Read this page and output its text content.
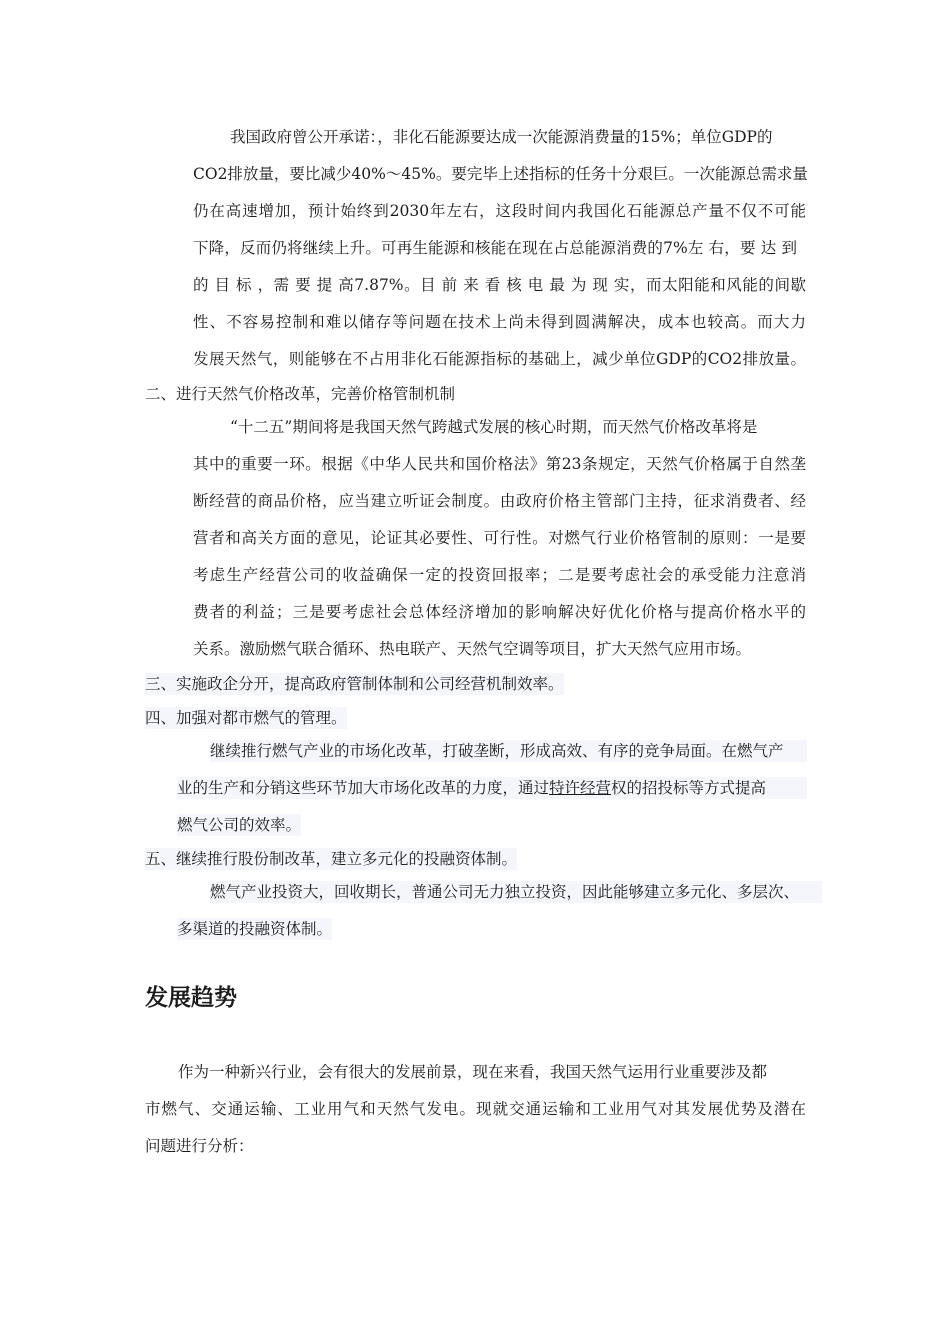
我国政府曾公开承诺：，非化石能源要达成一次能源消费量的15%；单位GDP的
CO2排放量，要比减少40%～45%。要完毕上述指标的任务十分艰巨。一次能源总需求量
仍在高速增加，预计始终到2030年左右，这段时间内我国化石能源总产量不仅不可能
下降，反而仍将继续上升。可再生能源和核能在现在占总能源消费的7%左 右，要 达 到
的 目 标 ，需 要 提 高7.87%。目 前 来 看 核 电 最 为 现 实，而太阳能和风能的间歇
性、不容易控制和难以储存等问题在技术上尚未得到圆满解决，成本也较高。而大力
发展天然气，则能够在不占用非化石能源指标的基础上，减少单位GDP的CO2排放量。
二、进行天然气价格改革，完善价格管制机制
“十二五”期间将是我国天然气跨越式发展的核心时期，而天然气价格改革将是
其中的重要一环。根据《中华人民共和国价格法》第23条规定，天然气价格属于自然垄
断经营的商品价格，应当建立听证会制度。由政府价格主管部门主持，征求消费者、经
营者和高关方面的意见，论证其必要性、可行性。对燃气行业价格管制的原则：一是要
考虑生产经营公司的收益确保一定的投资回报率；二是要考虑社会的承受能力注意消
费者的利益；三是要考虑社会总体经济增加的影响解决好优化价格与提高价格水平的
关系。激励燃气联合循环、热电联产、天然气空调等项目，扩大天然气应用市场。
三、实施政企分开，提高政府管制体制和公司经营机制效率。
四、加强对都市燃气的管理。
继续推行燃气产业的市场化改革，打破垄断，形成高效、有序的竞争局面。在燃气产
业的生产和分销这些环节加大市场化改革的力度，通过特许经营权的招投标等方式提高
燃气公司的效率。
五、继续推行股份制改革，建立多元化的投融资体制。
燃气产业投资大，回收期长，普通公司无力独立投资，因此能够建立多元化、多层次、
多渠道的投融资体制。
发展趋势
作为一种新兴行业，会有很大的发展前景，现在来看，我国天然气运用行业重要涉及都
市燃气、交通运输、工业用气和天然气发电。现就交通运输和工业用气对其发展优势及潜在
问题进行分析：
